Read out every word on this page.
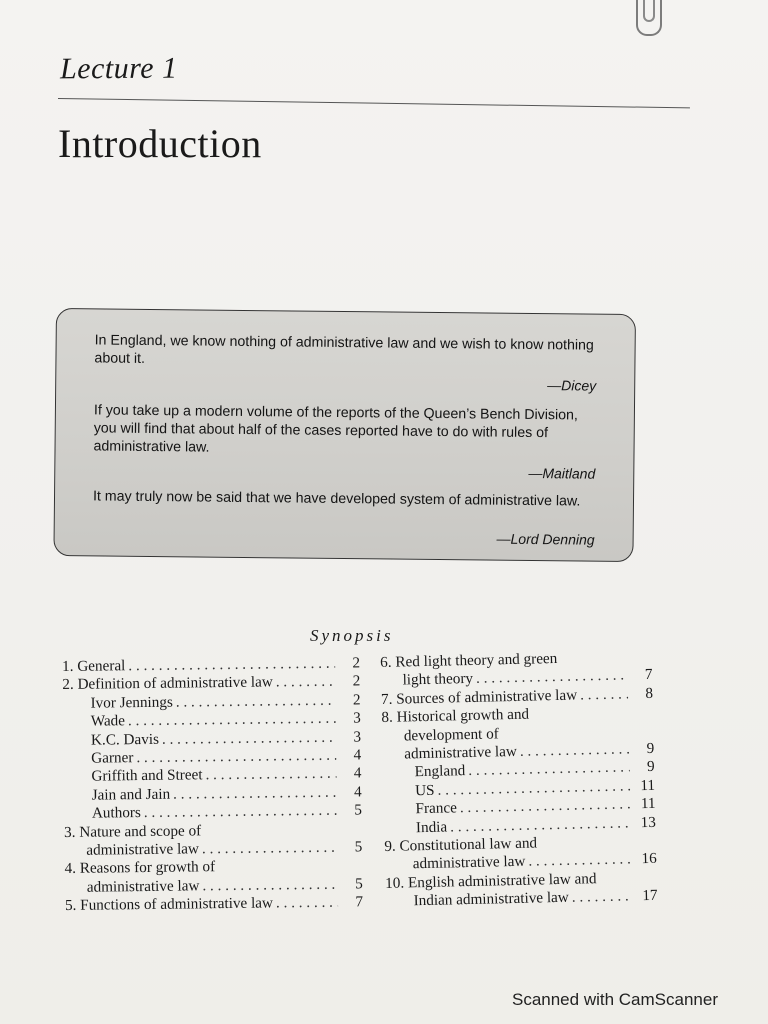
Lecture 1
Introduction
In England, we know nothing of administrative law and we wish to know nothing about it.
—Dicey
If you take up a modern volume of the reports of the Queen’s Bench Division, you will find that about half of the cases reported have to do with rules of administrative law.
—Maitland
It may truly now be said that we have developed system of administrative law.
—Lord Denning
Synopsis
1. General . . .	2
2. Definition of administrative law . . .	2
Ivor Jennings . . .	2
Wade . . .	3
K.C. Davis . . .	3
Garner . . .	4
Griffith and Street . . .	4
Jain and Jain . . .	4
Authors . . .	5
3. Nature and scope of
administrative law . . .	5
4. Reasons for growth of
administrative law . . .	5
5. Functions of administrative law . . .	7
6. Red light theory and green
light theory . . .	7
7. Sources of administrative law . . .	8
8. Historical growth and
development of
administrative law . . .	9
England . . .	9
US . . .	11
France . . .	11
India . . .	13
9. Constitutional law and
administrative law . . .	16
10. English administrative law and
Indian administrative law . . .	17
Scanned with CamScanner
